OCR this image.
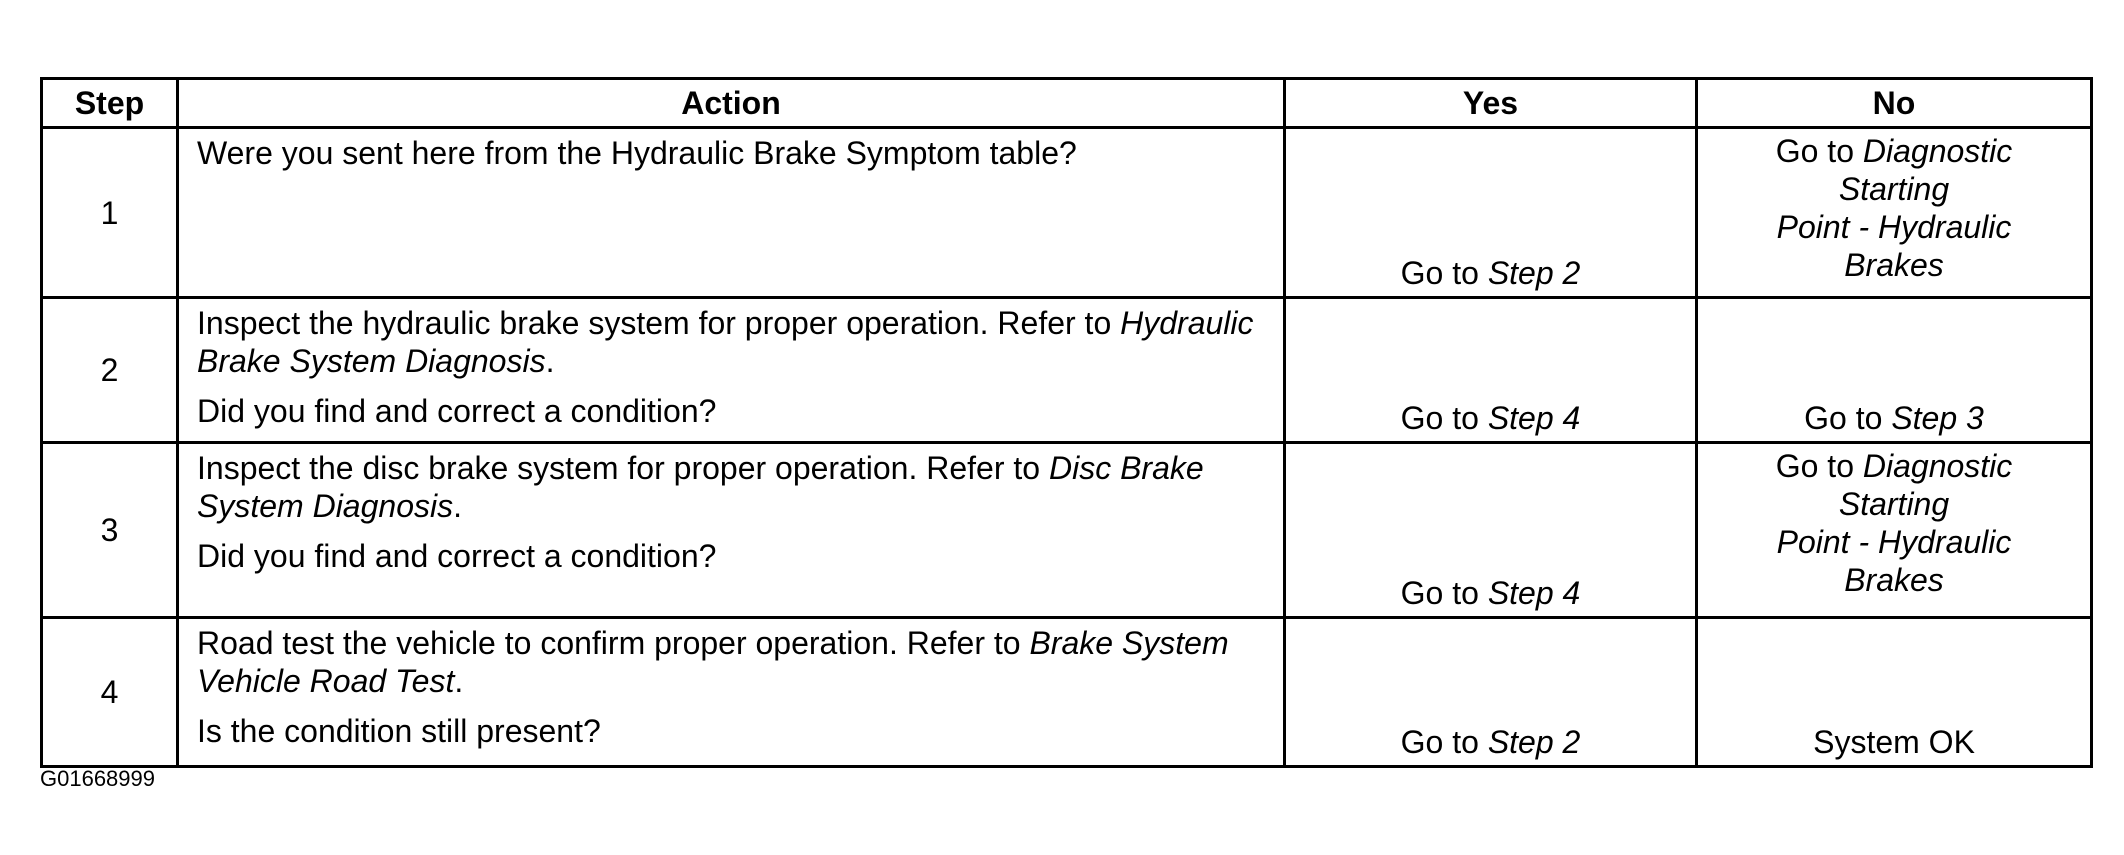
Step	Action	Yes	No
1	Were you sent here from the Hydraulic Brake Symptom table?	Go to Step 2	Go to Diagnostic
Starting
Point - Hydraulic
Brakes

2	Inspect the hydraulic brake system for proper operation. Refer to Hydraulic Brake System Diagnosis.
Did you find and correct a condition?	Go to Step 4	Go to Step 3
3	Inspect the disc brake system for proper operation. Refer to Disc Brake System Diagnosis.
Did you find and correct a condition?	Go to Step 4	Go to Diagnostic
Starting
Point - Hydraulic
Brakes

4	Road test the vehicle to confirm proper operation. Refer to Brake System Vehicle Road Test.
Is the condition still present?	Go to Step 2	System OK
G01668999
